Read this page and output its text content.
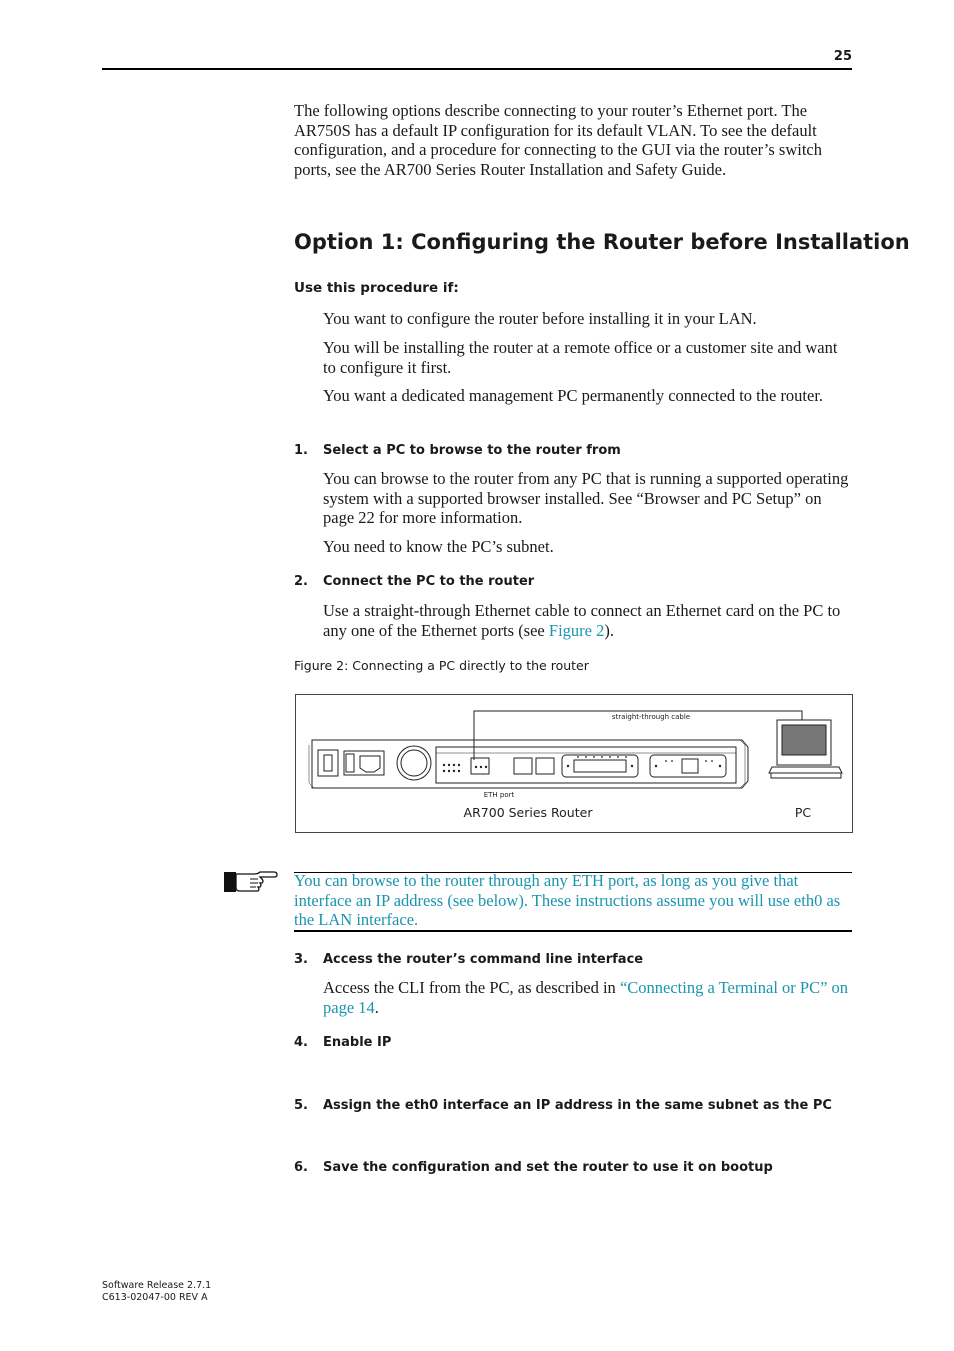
25
The following options describe connecting to your router’s Ethernet port. The AR750S has a default IP configuration for its default VLAN. To see the default configuration, and a procedure for connecting to the GUI via the router’s switch ports, see the AR700 Series Router Installation and Safety Guide.
Option 1: Configuring the Router before Installation
Use this procedure if:
You want to configure the router before installing it in your LAN.
You will be installing the router at a remote office or a customer site and want to configure it first.
You want a dedicated management PC permanently connected to the router.
1. Select a PC to browse to the router from
You can browse to the router from any PC that is running a supported operating system with a supported browser installed. See “Browser and PC Setup” on page 22 for more information.
You need to know the PC’s subnet.
2. Connect the PC to the router
Use a straight-through Ethernet cable to connect an Ethernet card on the PC to any one of the Ethernet ports (see Figure 2).
Figure 2: Connecting a PC directly to the router
straight-through cable
ETH port
AR700 Series Router	PC
You can browse to the router through any ETH port, as long as you give that interface an IP address (see below). These instructions assume you will use eth0 as the LAN interface.
3. Access the router’s command line interface
Access the CLI from the PC, as described in “Connecting a Terminal or PC” on page 14.
4. Enable IP
5. Assign the eth0 interface an IP address in the same subnet as the PC
6. Save the configuration and set the router to use it on bootup
Software Release 2.7.1
C613-02047-00 REV A
